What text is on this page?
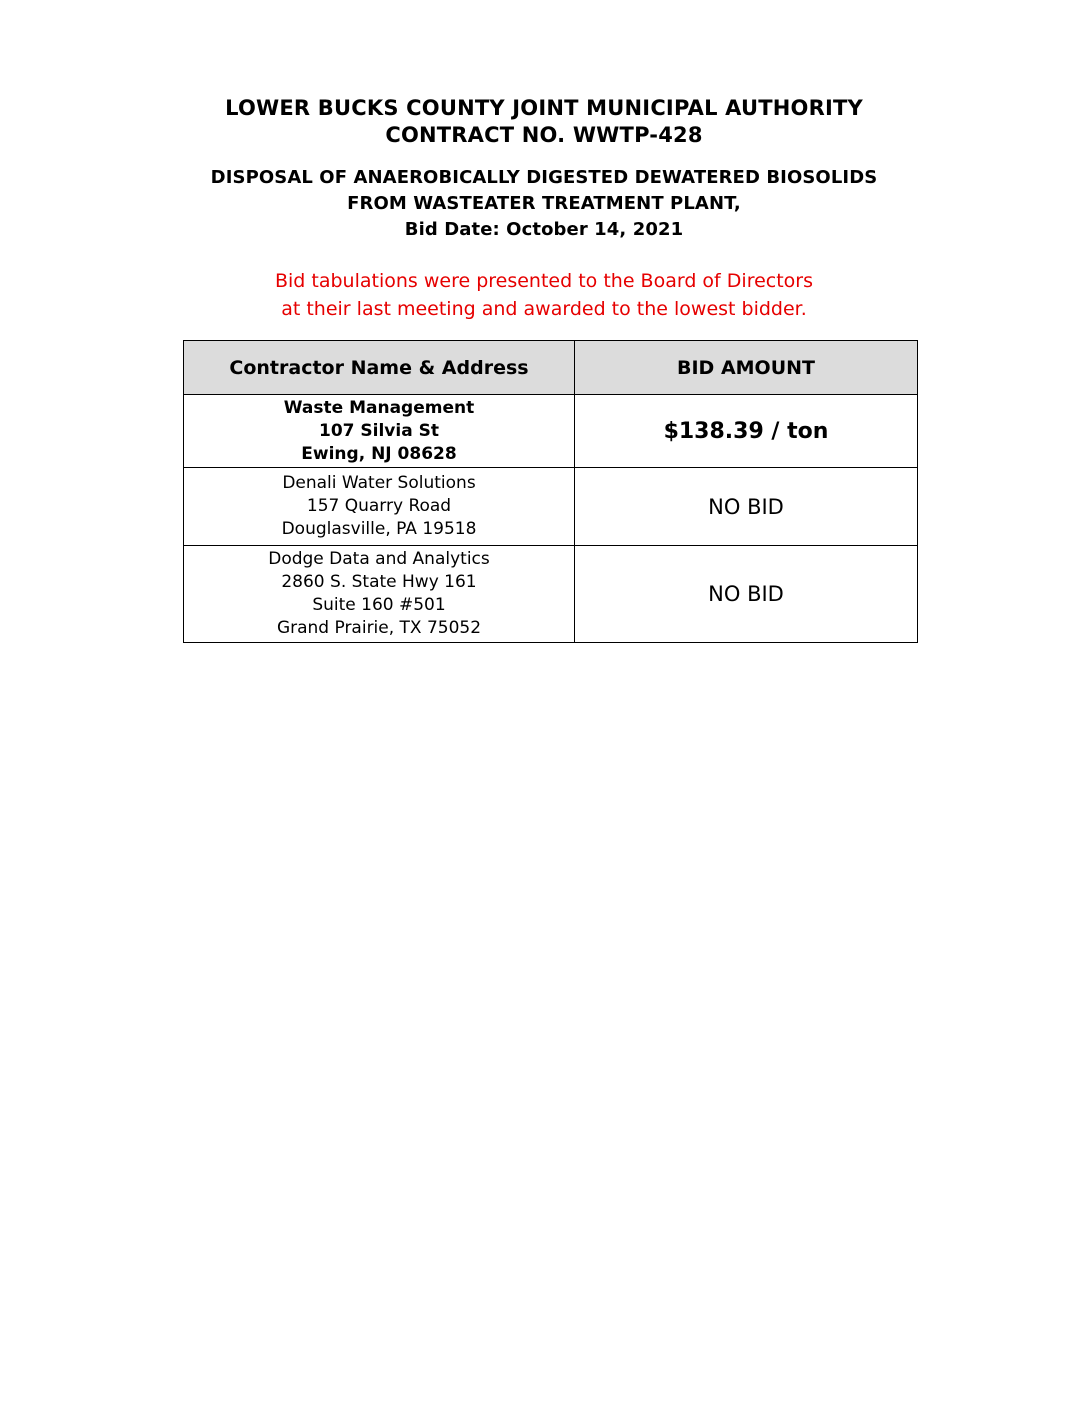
LOWER BUCKS COUNTY JOINT MUNICIPAL AUTHORITY
CONTRACT NO. WWTP-428
DISPOSAL OF ANAEROBICALLY DIGESTED DEWATERED BIOSOLIDS
FROM WASTEATER TREATMENT PLANT,
Bid Date: October 14, 2021
Bid tabulations were presented to the Board of Directors
at their last meeting and awarded to the lowest bidder.
Contractor Name & Address	BID AMOUNT

Waste Management
107 Silvia St
Ewing, NJ 08628	$138.39 / ton

Denali Water Solutions
157 Quarry Road
Douglasville, PA 19518	NO BID

Dodge Data and Analytics
2860 S. State Hwy 161
Suite 160 #501
Grand Prairie, TX 75052	NO BID
